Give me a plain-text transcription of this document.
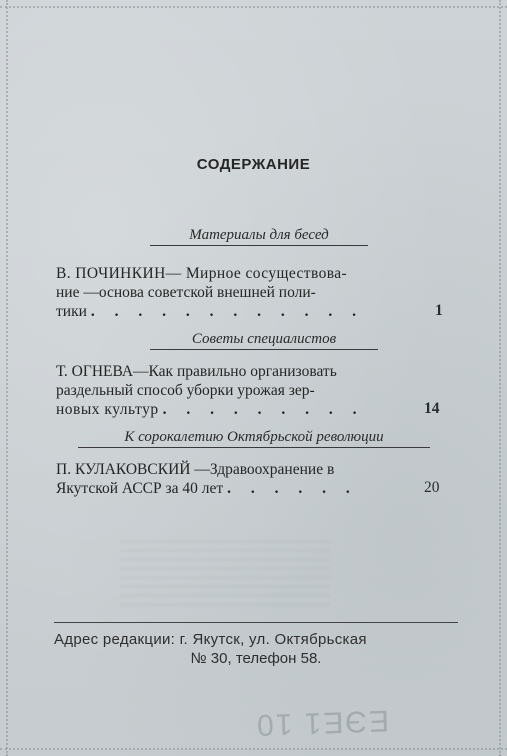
СОДЕРЖАНИЕ
Материалы для бесед
В. ПОЧИНКИН— Мирное сосуществова-
ние —основа советской внешней поли-
тики . . . . . . . . . . . .	1
Советы специалистов
Т. ОГНЕВА—Как правильно организовать
раздельный способ уборки урожая зер-
новых культур . . . . . . . . .	14
К сорокалетию Октябрьской революции
П. КУЛАКОВСКИЙ —Здравоохранение в
Якутской АССР за 40 лет . . . . . .	20
Адрес редакции: г. Якутск, ул. Октябрьская
№ 30, телефон 58.
ЕЭЕ1 10
